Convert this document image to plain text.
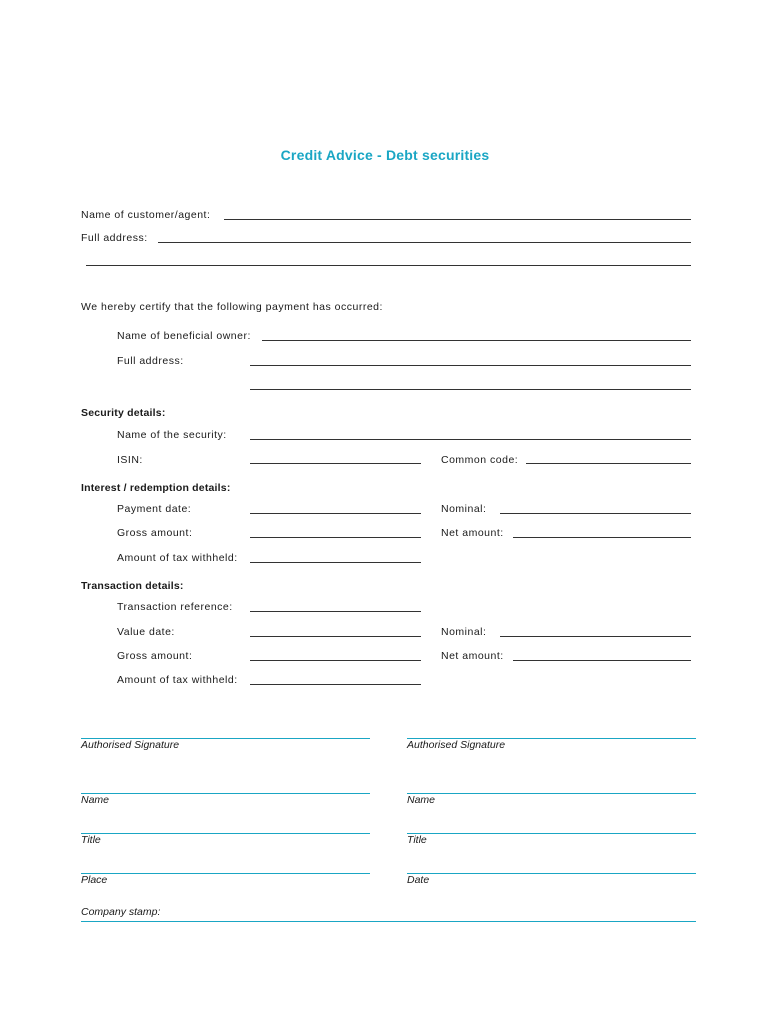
Credit Advice - Debt securities
Name of customer/agent:
Full address:
We hereby certify that the following payment has occurred:
Name of beneficial owner:
Full address:
Security details:
Name of the security:
ISIN:	Common code:
Interest / redemption details:
Payment date:	Nominal:
Gross amount:	Net amount:
Amount of tax withheld:
Transaction details:
Transaction reference:
Value date:	Nominal:
Gross amount:	Net amount:
Amount of tax withheld:
Authorised Signature
Name
Title
Place
Authorised Signature
Name
Title
Date
Company stamp:
